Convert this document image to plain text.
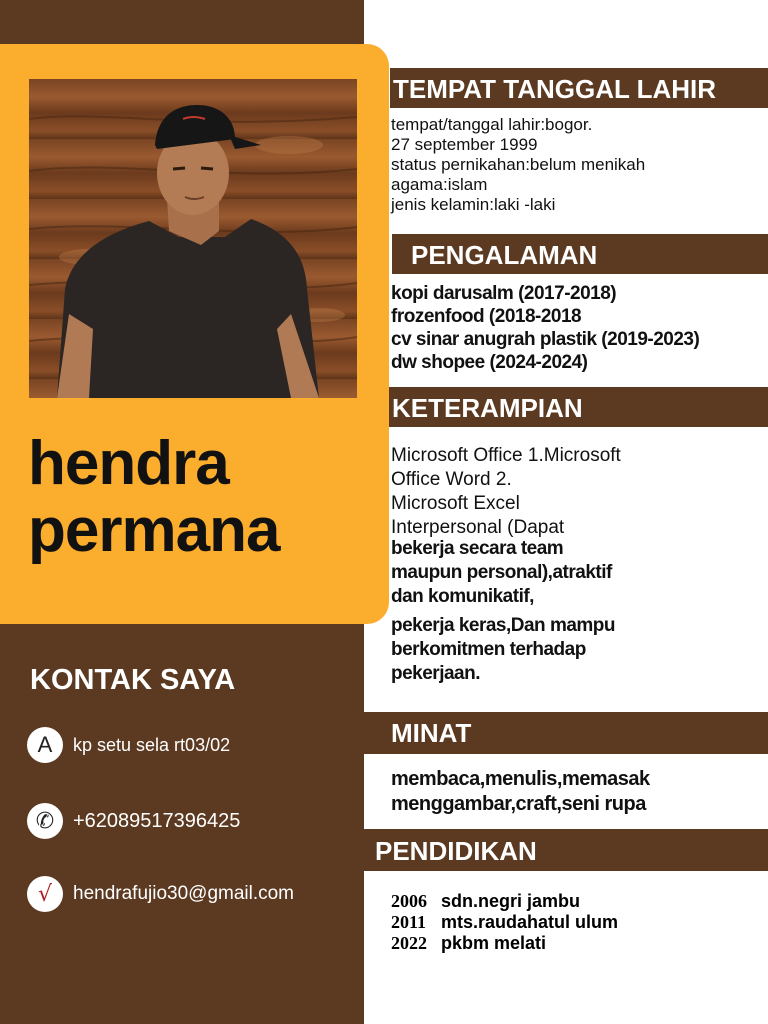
hendra
permana
KONTAK SAYA
A kp setu sela rt03/02
✆ +62089517396425
√ hendrafujio30@gmail.com
TEMPAT TANGGAL LAHIR
tempat/tanggal lahir:bogor.
27 september 1999
status pernikahan:belum menikah
agama:islam
jenis kelamin:laki -laki
PENGALAMAN
kopi darusalm (2017-2018)
frozenfood (2018-2018
cv sinar anugrah plastik (2019-2023)
dw shopee (2024-2024)
KETERAMPIAN
Microsoft Office 1.Microsoft
Office Word 2.
Microsoft Excel
Interpersonal (Dapat
bekerja secara team
maupun personal),atraktif
dan komunikatif,
pekerja keras,Dan mampu
berkomitmen terhadap
pekerjaan.
MINAT
membaca,menulis,memasak
menggambar,craft,seni rupa
PENDIDIKAN
2006 sdn.negri jambu
2011 mts.raudahatul ulum
2022 pkbm melati
